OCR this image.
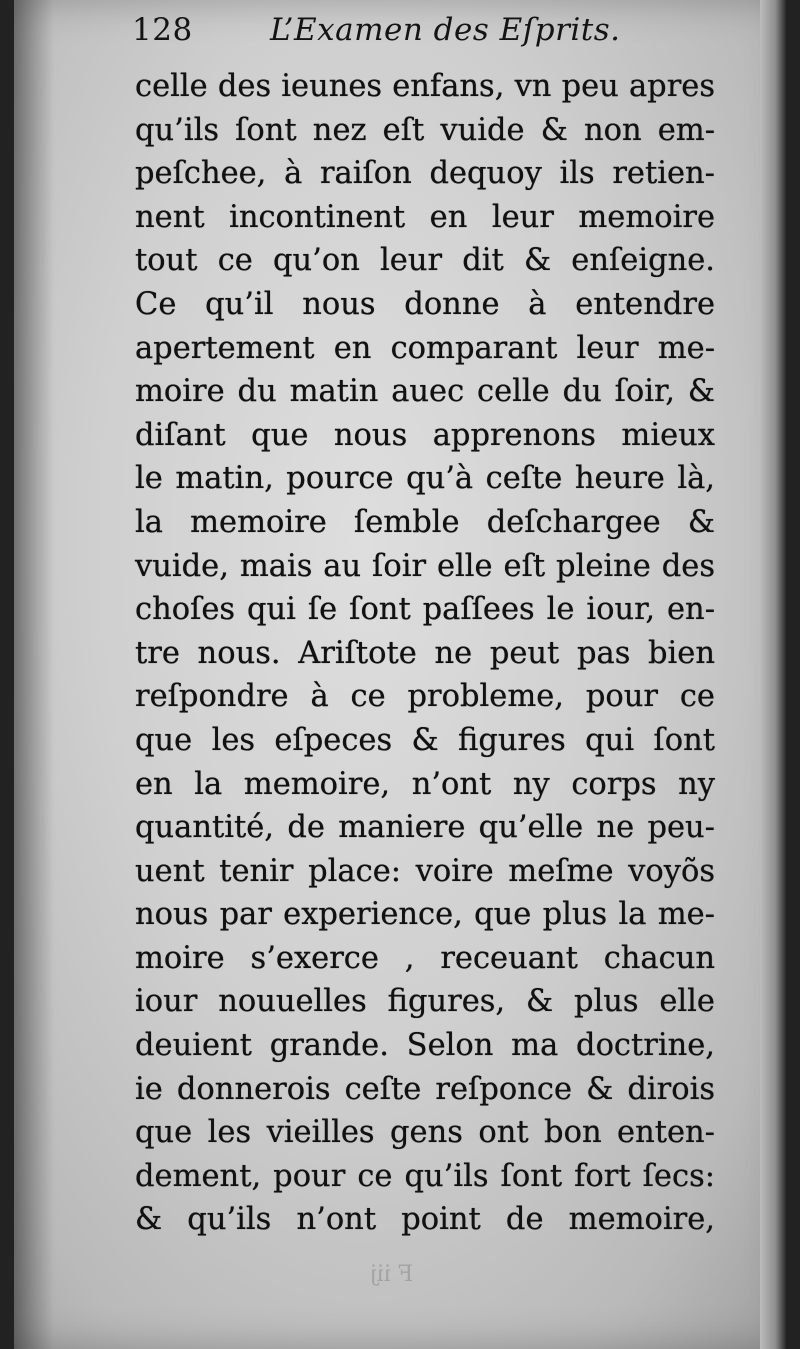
128 L’Examen des Eſprits.
celle des ieunes enfans, vn peu apres
qu’ils ſont nez eſt vuide & non em-
peſchee, à raiſon dequoy ils retien-
nent incontinent en leur memoire
tout ce qu’on leur dit & enſeigne.
Ce qu’il nous donne à entendre
apertement en comparant leur me-
moire du matin auec celle du ſoir, &
diſant que nous apprenons mieux
le matin, pource qu’à ceſte heure là,
la memoire ſemble deſchargee &
vuide, mais au ſoir elle eſt pleine des
choſes qui ſe ſont paſſees le iour, en-
tre nous. Ariſtote ne peut pas bien
reſpondre à ce probleme, pour ce
que les eſpeces & figures qui ſont
en la memoire, n’ont ny corps ny
quantité, de maniere qu’elle ne peu-
uent tenir place: voire meſme voyõs
nous par experience, que plus la me-
moire s’exerce , receuant chacun
iour nouuelles figures, & plus elle
deuient grande. Selon ma doctrine,
ie donnerois ceſte reſponce & dirois
que les vieilles gens ont bon enten-
dement, pour ce qu’ils ſont fort ſecs:
& qu’ils n’ont point de memoire,
F iij
